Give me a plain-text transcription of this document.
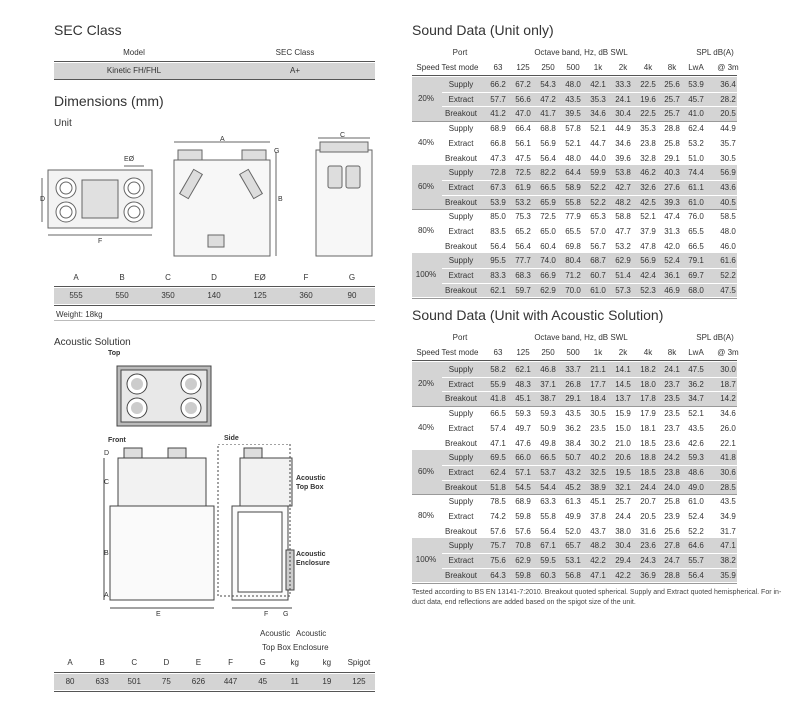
SEC Class
Model	SEC Class
Kinetic FH/FHL	A+
Dimensions (mm)
Unit
A
B
C
D
EØ
F
G
A	B	C	D	EØ	F	G
555	550	350	140	125	360	90
Weight: 18kg
Acoustic Solution
Top
Front	Side
D
C
B
A
E	F G
Acoustic
Top Box
Acoustic
Enclosure
Acoustic Acoustic
Top Box Enclosure
A	B	C	D	E	F	G	kg	kg	Spigot
80	633	501	75	626	447	45	11	19	125
Sound Data (Unit only)
Port	Octave band, Hz, dB SWL	SPL dB(A)
Speed Test mode	63	125	250	500	1k	2k	4k	8k	LwA	@ 3m
20%
Supply	66.2	67.2	54.3	48.0	42.1	33.3	22.5	25.6	53.9	36.4
Extract	57.7	56.6	47.2	43.5	35.3	24.1	19.6	25.7	45.7	28.2
Breakout	41.2	47.0	41.7	39.5	34.6	30.4	22.5	25.7	41.0	20.5
40%
Supply	68.9	66.4	68.8	57.8	52.1	44.9	35.3	28.8	62.4	44.9
Extract	66.8	56.1	56.9	52.1	44.7	34.6	23.8	25.8	53.2	35.7
Breakout	47.3	47.5	56.4	48.0	44.0	39.6	32.8	29.1	51.0	30.5
60%
Supply	72.8	72.5	82.2	64.4	59.9	53.8	46.2	40.3	74.4	56.9
Extract	67.3	61.9	66.5	58.9	52.2	42.7	32.6	27.6	61.1	43.6
Breakout	53.9	53.2	65.9	55.8	52.2	48.2	42.5	39.3	61.0	40.5
80%
Supply	85.0	75.3	72.5	77.9	65.3	58.8	52.1	47.4	76.0	58.5
Extract	83.5	65.2	65.0	65.5	57.0	47.7	37.9	31.3	65.5	48.0
Breakout	56.4	56.4	60.4	69.8	56.7	53.2	47.8	42.0	66.5	46.0
100%
Supply	95.5	77.7	74.0	80.4	68.7	62.9	56.9	52.4	79.1	61.6
Extract	83.3	68.3	66.9	71.2	60.7	51.4	42.4	36.1	69.7	52.2
Breakout	62.1	59.7	62.9	70.0	61.0	57.3	52.3	46.9	68.0	47.5
Sound Data (Unit with Acoustic Solution)
Port	Octave band, Hz, dB SWL	SPL dB(A)
Speed Test mode	63	125	250	500	1k	2k	4k	8k	LwA	@ 3m
20%
Supply	58.2	62.1	46.8	33.7	21.1	14.1	18.2	24.1	47.5	30.0
Extract	55.9	48.3	37.1	26.8	17.7	14.5	18.0	23.7	36.2	18.7
Breakout	41.8	45.1	38.7	29.1	18.4	13.7	17.8	23.5	34.7	14.2
40%
Supply	66.5	59.3	59.3	43.5	30.5	15.9	17.9	23.5	52.1	34.6
Extract	57.4	49.7	50.9	36.2	23.5	15.0	18.1	23.7	43.5	26.0
Breakout	47.1	47.6	49.8	38.4	30.2	21.0	18.5	23.6	42.6	22.1
60%
Supply	69.5	66.0	66.5	50.7	40.2	20.6	18.8	24.2	59.3	41.8
Extract	62.4	57.1	53.7	43.2	32.5	19.5	18.5	23.8	48.6	30.6
Breakout	51.8	54.5	54.4	45.2	38.9	32.1	24.4	24.0	49.0	28.5
80%
Supply	78.5	68.9	63.3	61.3	45.1	25.7	20.7	25.8	61.0	43.5
Extract	74.2	59.8	55.8	49.9	37.8	24.4	20.5	23.9	52.4	34.9
Breakout	57.6	57.6	56.4	52.0	43.7	38.0	31.6	25.6	52.2	31.7
100%
Supply	75.7	70.8	67.1	65.7	48.2	30.4	23.6	27.8	64.6	47.1
Extract	75.6	62.9	59.5	53.1	42.2	29.4	24.3	24.7	55.7	38.2
Breakout	64.3	59.8	60.3	56.8	47.1	42.2	36.9	28.8	56.4	35.9
Tested according to BS EN 13141-7:2010. Breakout quoted spherical. Supply and Extract quoted hemispherical. For in-duct data, end reflections are added based on the spigot size of the unit.
